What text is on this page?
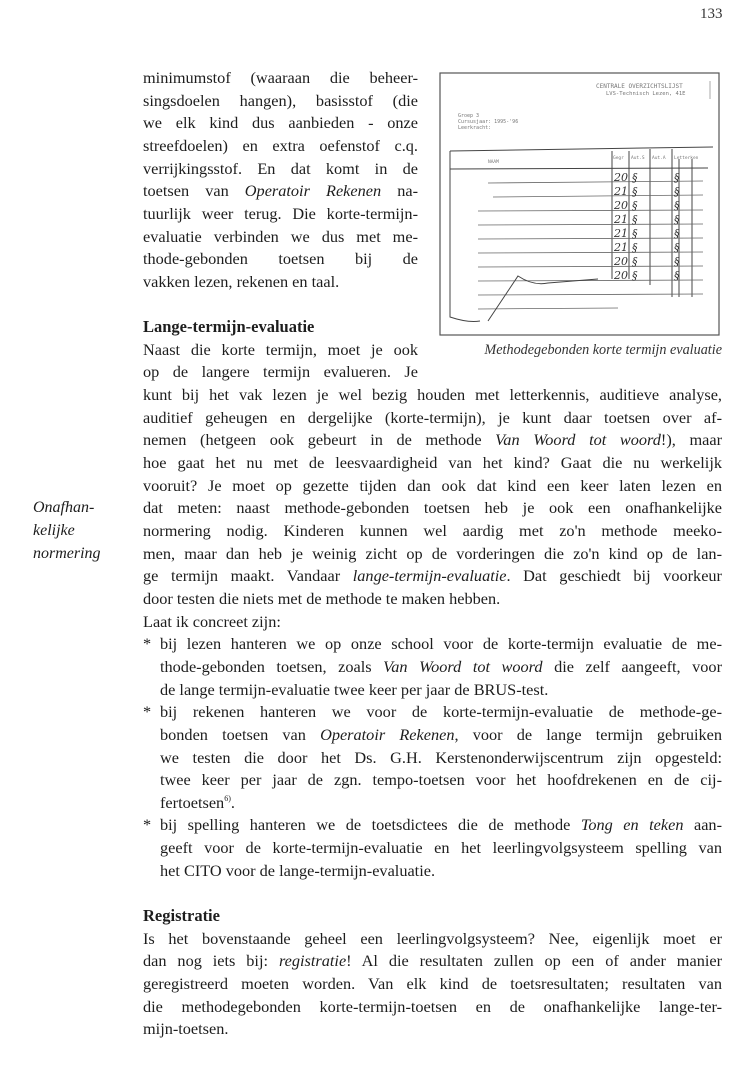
133
minimumstof (waaraan die beheer-
singsdoelen hangen), basisstof (die
we elk kind dus aanbieden - onze
streefdoelen) en extra oefenstof c.q.
verrijkingsstof. En dat komt in de
toetsen van Operatoir Rekenen na-
tuurlijk weer terug. Die korte-termijn-
evaluatie verbinden we dus met me-
thode-gebonden toetsen bij de
vakken lezen, rekenen en taal.
Lange-termijn-evaluatie
Naast die korte termijn, moet je ook
op de langere termijn evalueren. Je
kunt bij het vak lezen je wel bezig houden met letterkennis, auditieve analyse,
auditief geheugen en dergelijke (korte-termijn), je kunt daar toetsen over af-
nemen (hetgeen ook gebeurt in de methode Van Woord tot woord!), maar
hoe gaat het nu met de leesvaardigheid van het kind? Gaat die nu werkelijk
vooruit? Je moet op gezette tijden dan ook dat kind een keer laten lezen en
dat meten: naast methode-gebonden toetsen heb je ook een onafhankelijke
normering nodig. Kinderen kunnen wel aardig met zo'n methode meeko-
men, maar dan heb je weinig zicht op de vorderingen die zo'n kind op de lan-
ge termijn maakt. Vandaar lange-termijn-evaluatie. Dat geschiedt bij voorkeur
door testen die niets met de methode te maken hebben.
Laat ik concreet zijn:
* bij lezen hanteren we op onze school voor de korte-termijn evaluatie de me-
thode-gebonden toetsen, zoals Van Woord tot woord die zelf aangeeft, voor
de lange termijn-evaluatie twee keer per jaar de BRUS-test.
* bij rekenen hanteren we voor de korte-termijn-evaluatie de methode-ge-
bonden toetsen van Operatoir Rekenen, voor de lange termijn gebruiken
we testen die door het Ds. G.H. Kerstenonderwijscentrum zijn opgesteld:
twee keer per jaar de zgn. tempo-toetsen voor het hoofdrekenen en de cij-
fertoetsen$^{6)}$.
* bij spelling hanteren we de toetsdictees die de methode Tong en teken aan-
geeft voor de korte-termijn-evaluatie en het leerlingvolgsysteem spelling van
het CITO voor de lange-termijn-evaluatie.
Registratie
Is het bovenstaande geheel een leerlingvolgsysteem? Nee, eigenlijk moet er
dan nog iets bij: registratie! Al die resultaten zullen op een of ander manier
geregistreerd moeten worden. Van elk kind de toetsresultaten; resultaten van
die methodegebonden korte-termijn-toetsen en de onafhankelijke lange-ter-
mijn-toetsen.
Onafhan-
kelijke
normering
CENTRALE OVERZICHTSLIJST
LVS-Technisch Lezen, 41E
Groep 3
Cursusjaar: 1995-'96
Leerkracht:
NAAM
Gegr Aut.S Aut.A Letterken
20 §	§
21 §	§
20 §	§
21 §	§
21 §	§
21 §	§
20 §	§
20 §	§
Methodegebonden korte termijn evaluatie
